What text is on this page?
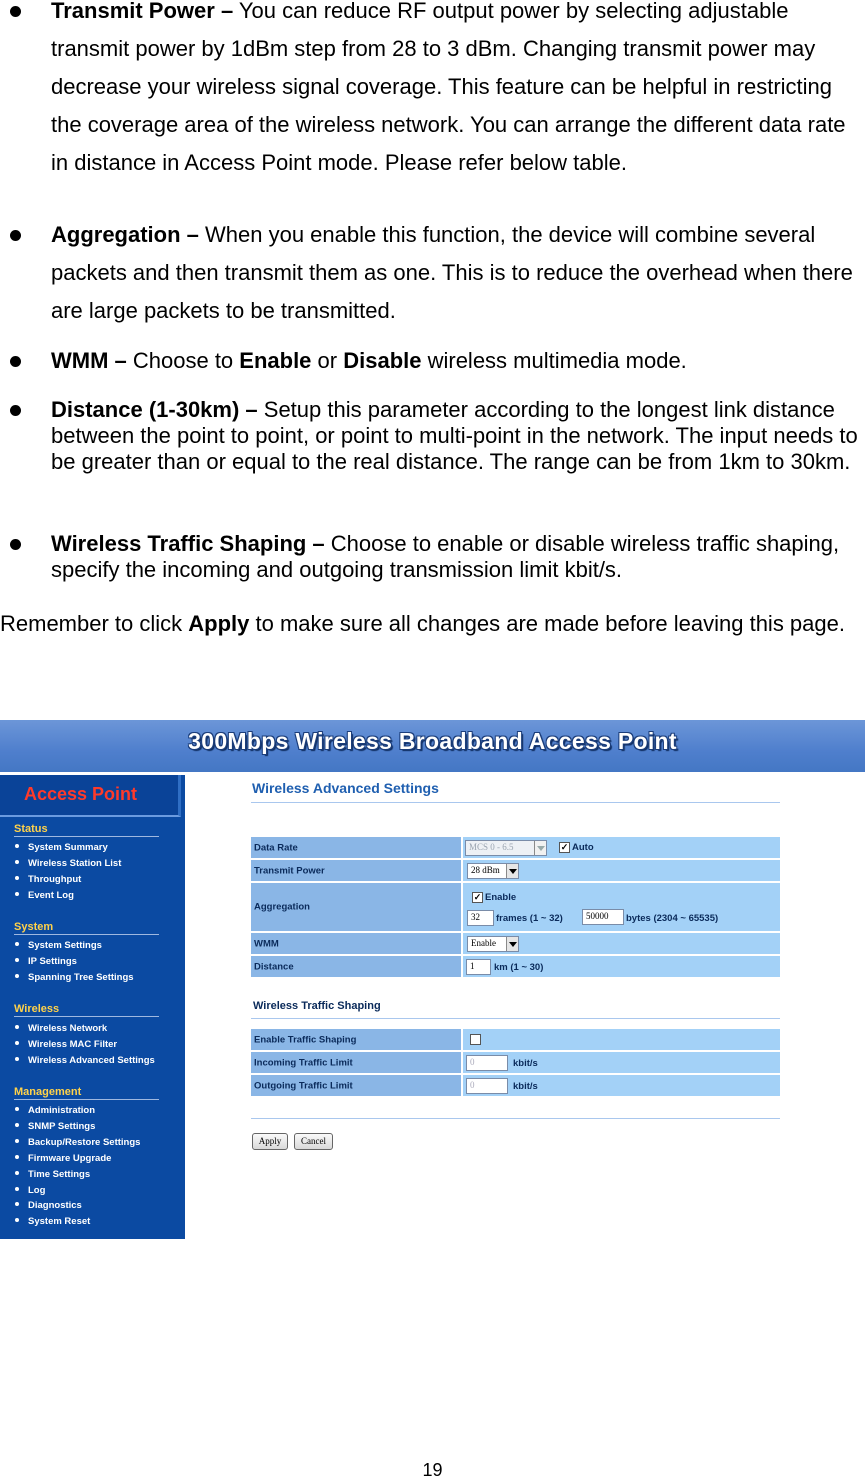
Transmit Power – You can reduce RF output power by selecting adjustable transmit power by 1dBm step from 28 to 3 dBm. Changing transmit power may decrease your wireless signal coverage. This feature can be helpful in restricting the coverage area of the wireless network. You can arrange the different data rate in distance in Access Point mode. Please refer below table.
Aggregation – When you enable this function, the device will combine several packets and then transmit them as one. This is to reduce the overhead when there are large packets to be transmitted.
WMM – Choose to Enable or Disable wireless multimedia mode.
Distance (1-30km) – Setup this parameter according to the longest link distance between the point to point, or point to multi-point in the network. The input needs to be greater than or equal to the real distance. The range can be from 1km to 30km.
Wireless Traffic Shaping – Choose to enable or disable wireless traffic shaping, specify the incoming and outgoing transmission limit kbit/s.
Remember to click Apply to make sure all changes are made before leaving this page.
300Mbps Wireless Broadband Access Point
Access Point
Status
System Summary
Wireless Station List
Throughput
Event Log
System
System Settings
IP Settings
Spanning Tree Settings
Wireless
Wireless Network
Wireless MAC Filter
Wireless Advanced Settings
Management
Administration
SNMP Settings
Backup/Restore Settings
Firmware Upgrade
Time Settings
Log
Diagnostics
System Reset
Wireless Advanced Settings
Data Rate	MCS 0 - 6.5	✓ Auto
Transmit Power	28 dBm
Aggregation
✓ Enable
32 frames (1 ~ 32)	50000 bytes (2304 ~ 65535)
WMM	Enable
Distance	1 km (1 ~ 30)
Wireless Traffic Shaping
Enable Traffic Shaping
Incoming Traffic Limit	0	kbit/s
Outgoing Traffic Limit	0	kbit/s
Apply	Cancel
19
